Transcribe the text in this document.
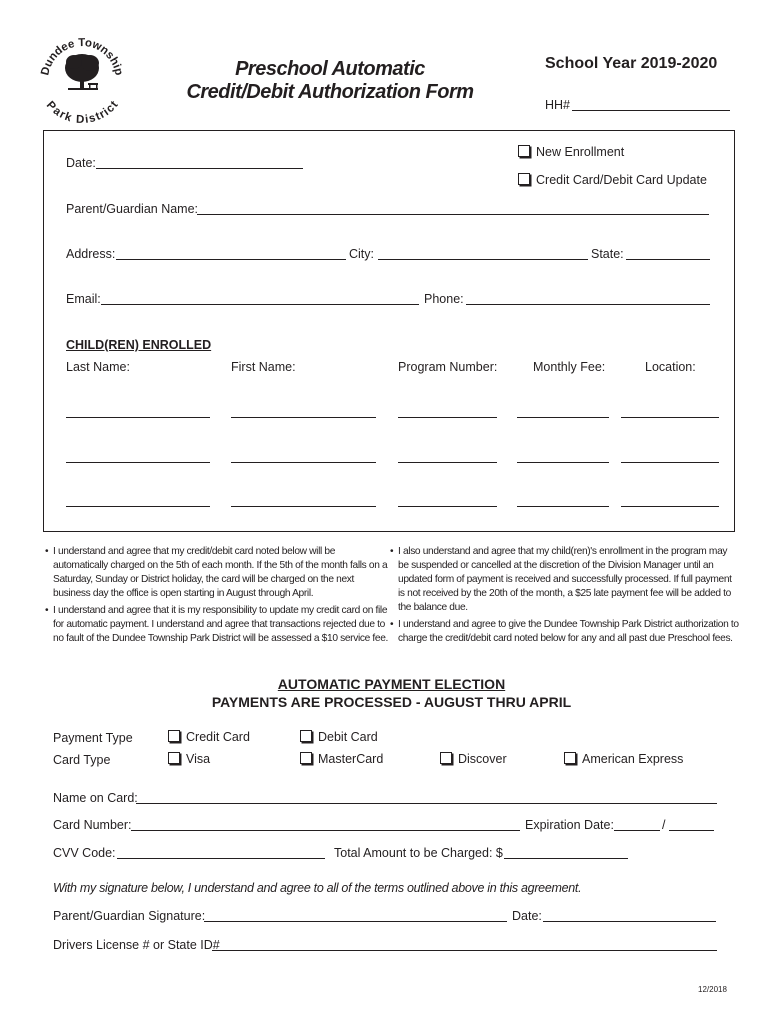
Dundee Township
Park District
Preschool Automatic
Credit/Debit Authorization Form
School Year 2019-2020
HH#
New Enrollment
Credit Card/Debit Card Update
Date:
Parent/Guardian Name:
Address:	City:	State:
Email:	Phone:
CHILD(REN) ENROLLED
Last Name:	First Name:	Program Number:	Monthly Fee:	Location:
• I understand and agree that my credit/debit card noted below will be automatically charged on the 5th of each month. If the 5th of the month falls on a Saturday, Sunday or District holiday, the card will be charged on the next business day the office is open starting in August through April.
• I understand and agree that it is my responsibility to update my credit card on file for automatic payment. I understand and agree that transactions rejected due to no fault of the Dundee Township Park District will be assessed a $10 service fee.
• I also understand and agree that my child(ren)'s enrollment in the program may be suspended or cancelled at the discretion of the Division Manager until an updated form of payment is received and successfully processed. If full payment is not received by the 20th of the month, a $25 late payment fee will be added to the balance due.
• I understand and agree to give the Dundee Township Park District authorization to charge the credit/debit card noted below for any and all past due Preschool fees.
AUTOMATIC PAYMENT ELECTION
PAYMENTS ARE PROCESSED - AUGUST THRU APRIL
Payment Type	Credit Card	Debit Card
Card Type	Visa	MasterCard	Discover	American Express
Name on Card:
Card Number:	Expiration Date:	/
CVV Code:	Total Amount to be Charged: $
With my signature below, I understand and agree to all of the terms outlined above in this agreement.
Parent/Guardian Signature:	Date:
Drivers License # or State ID#
12/2018
